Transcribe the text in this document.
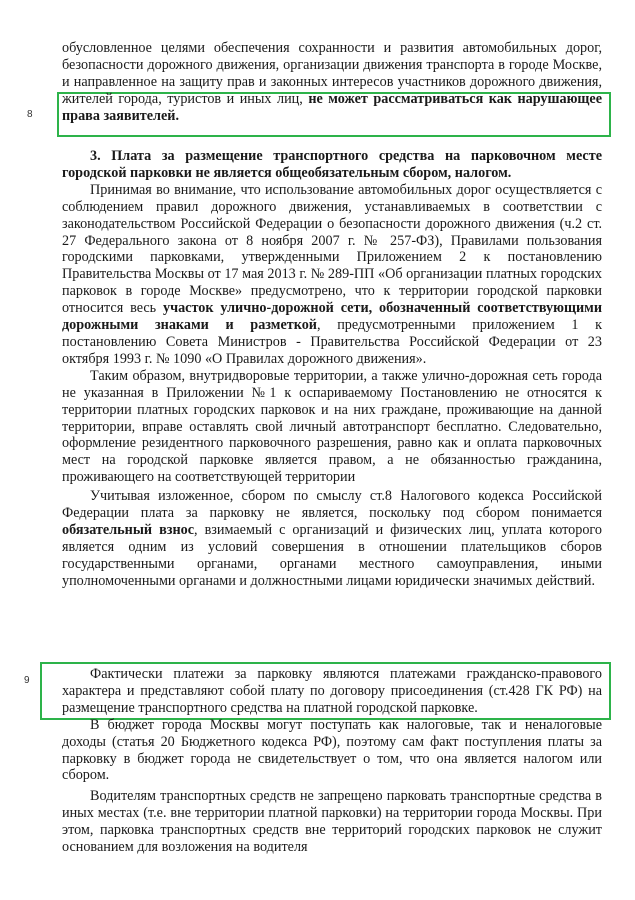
8
9

обусловленное целями обеспечения сохранности и развития автомобильных дорог, безопасности дорожного движения, организации движения транспорта в городе Москве, и направленное на защиту прав и законных интересов участников дорожного движения, жителей города, туристов и иных лиц, не может рассматриваться как нарушающее права заявителей.

3. Плата за размещение транспортного средства на парковочном месте городской парковки не является общеобязательным сбором, налогом.

Принимая во внимание, что использование автомобильных дорог осуществляется с соблюдением правил дорожного движения, устанавливаемых в соответствии с законодательством Российской Федерации о безопасности дорожного движения (ч.2 ст. 27 Федерального закона от 8 ноября 2007 г. № 257-ФЗ), Правилами пользования городскими парковками, утвержденными Приложением 2 к постановлению Правительства Москвы от 17 мая 2013 г. № 289-ПП «Об организации платных городских парковок в городе Москве» предусмотрено, что к территории городской парковки относится весь участок улично-дорожной сети, обозначенный соответствующими дорожными знаками и разметкой, предусмотренными приложением 1 к постановлению Совета Министров - Правительства Российской Федерации от 23 октября 1993 г. № 1090 «О Правилах дорожного движения».

Таким образом, внутридворовые территории, а также улично-дорожная сеть города не указанная в Приложении №1 к оспариваемому Постановлению не относятся к территории платных городских парковок и на них граждане, проживающие на данной территории, вправе оставлять свой личный автотранспорт бесплатно. Следовательно, оформление резидентного парковочного разрешения, равно как и оплата парковочных мест на городской парковке является правом, а не обязанностью гражданина, проживающего на соответствующей территории

Учитывая изложенное, сбором по смыслу ст.8 Налогового кодекса Российской Федерации плата за парковку не является, поскольку под сбором понимается обязательный взнос, взимаемый с организаций и физических лиц, уплата которого является одним из условий совершения в отношении плательщиков сборов государственными органами, органами местного самоуправления, иными уполномоченными органами и должностными лицами юридически значимых действий.

Фактически платежи за парковку являются платежами гражданско-правового характера и представляют собой плату по договору присоединения (ст.428 ГК РФ) на размещение транспортного средства на платной городской парковке.

В бюджет города Москвы могут поступать как налоговые, так и неналоговые доходы (статья 20 Бюджетного кодекса РФ), поэтому сам факт поступления платы за парковку в бюджет города не свидетельствует о том, что она является налогом или сбором.

Водителям транспортных средств не запрещено парковать транспортные средства в иных местах (т.е. вне территории платной парковки) на территории города Москвы. При этом, парковка транспортных средств вне территорий городских парковок не служит основанием для возложения на водителя
